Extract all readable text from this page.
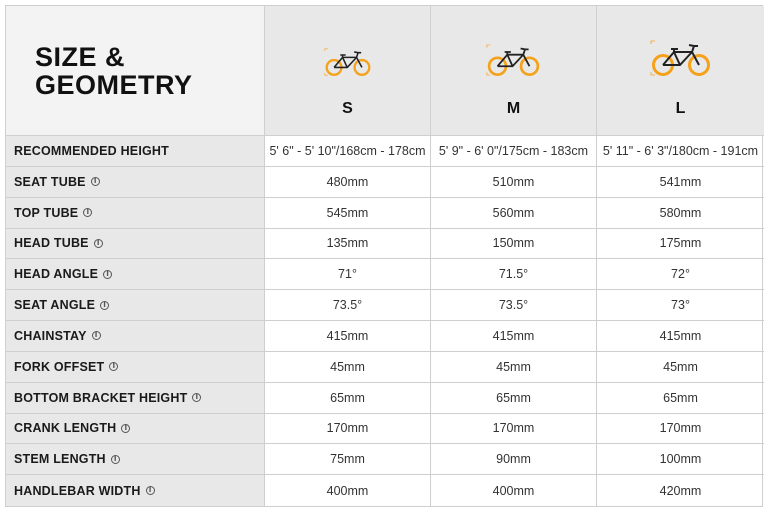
SIZE &
GEOMETRY
S	M	L
RECOMMENDED HEIGHT	5' 6" - 5' 10"/168cm - 178cm	5' 9" - 6' 0"/175cm - 183cm	5' 11" - 6' 3"/180cm - 191cm
SEAT TUBE	I	480mm	510mm	541mm
TOP TUBE	I	545mm	560mm	580mm
HEAD TUBE	I	135mm	150mm	175mm
HEAD ANGLE	I	71°	71.5°	72°
SEAT ANGLE	I	73.5°	73.5°	73°
CHAINSTAY	I	415mm	415mm	415mm
FORK OFFSET	I	45mm	45mm	45mm
BOTTOM BRACKET HEIGHT	I	65mm	65mm	65mm
CRANK LENGTH	I	170mm	170mm	170mm
STEM LENGTH	I	75mm	90mm	100mm
HANDLEBAR WIDTH	I	400mm	400mm	420mm
